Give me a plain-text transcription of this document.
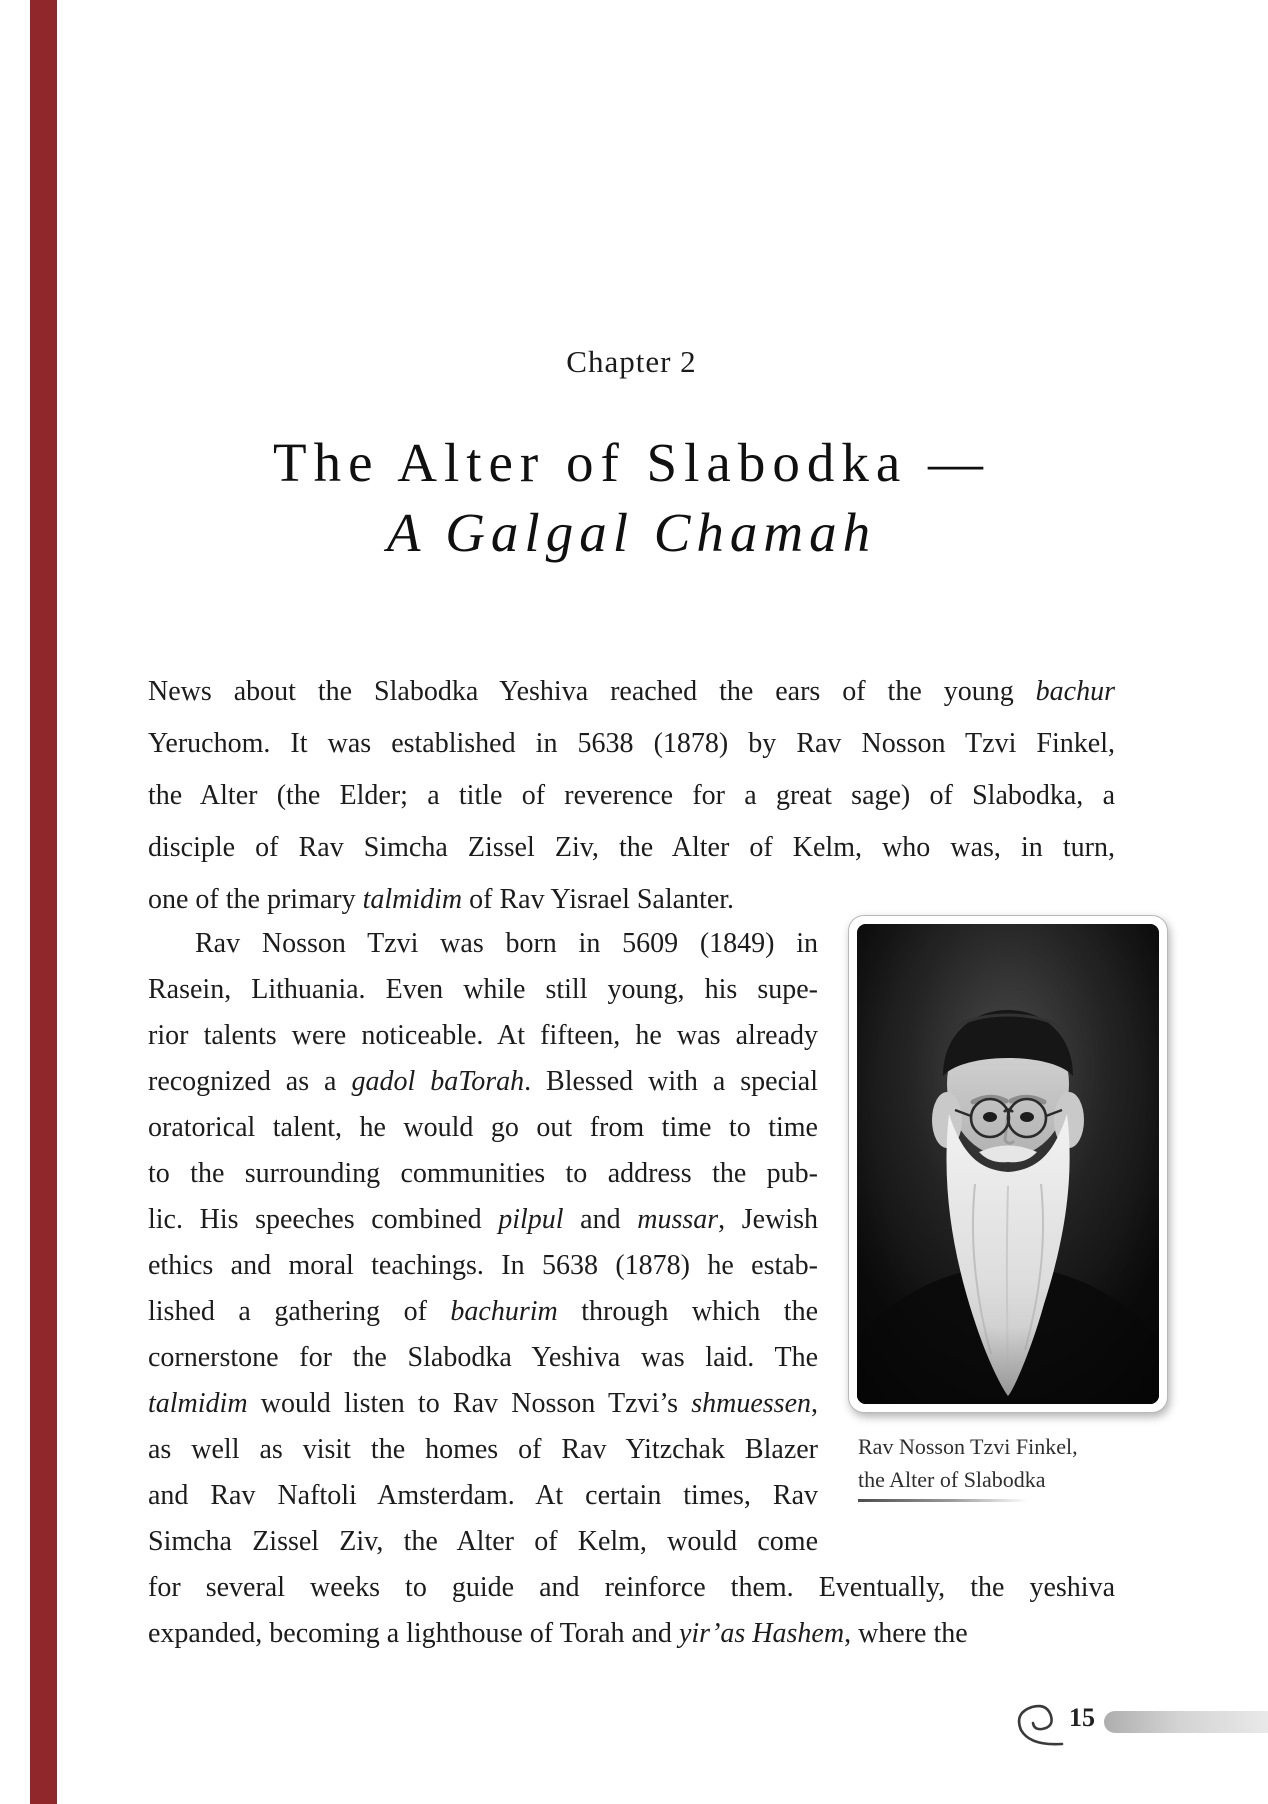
Chapter 2
The Alter of Slabodka —
A Galgal Chamah
News about the Slabodka Yeshiva reached the ears of the young bachur
Yeruchom. It was established in 5638 (1878) by Rav Nosson Tzvi Finkel,
the Alter (the Elder; a title of reverence for a great sage) of Slabodka, a
disciple of Rav Simcha Zissel Ziv, the Alter of Kelm, who was, in turn,
one of the primary talmidim of Rav Yisrael Salanter.
Rav Nosson Tzvi was born in 5609 (1849) in
Rasein, Lithuania. Even while still young, his supe-
rior talents were noticeable. At fifteen, he was already
recognized as a gadol baTorah. Blessed with a special
oratorical talent, he would go out from time to time
to the surrounding communities to address the pub-
lic. His speeches combined pilpul and mussar, Jewish
ethics and moral teachings. In 5638 (1878) he estab-
lished a gathering of bachurim through which the
cornerstone for the Slabodka Yeshiva was laid. The
talmidim would listen to Rav Nosson Tzvi’s shmuessen,
as well as visit the homes of Rav Yitzchak Blazer
and Rav Naftoli Amsterdam. At certain times, Rav
Simcha Zissel Ziv, the Alter of Kelm, would come
for several weeks to guide and reinforce them. Eventually, the yeshiva
expanded, becoming a lighthouse of Torah and yir’as Hashem, where the
Rav Nosson Tzvi Finkel,
the Alter of Slabodka
15
